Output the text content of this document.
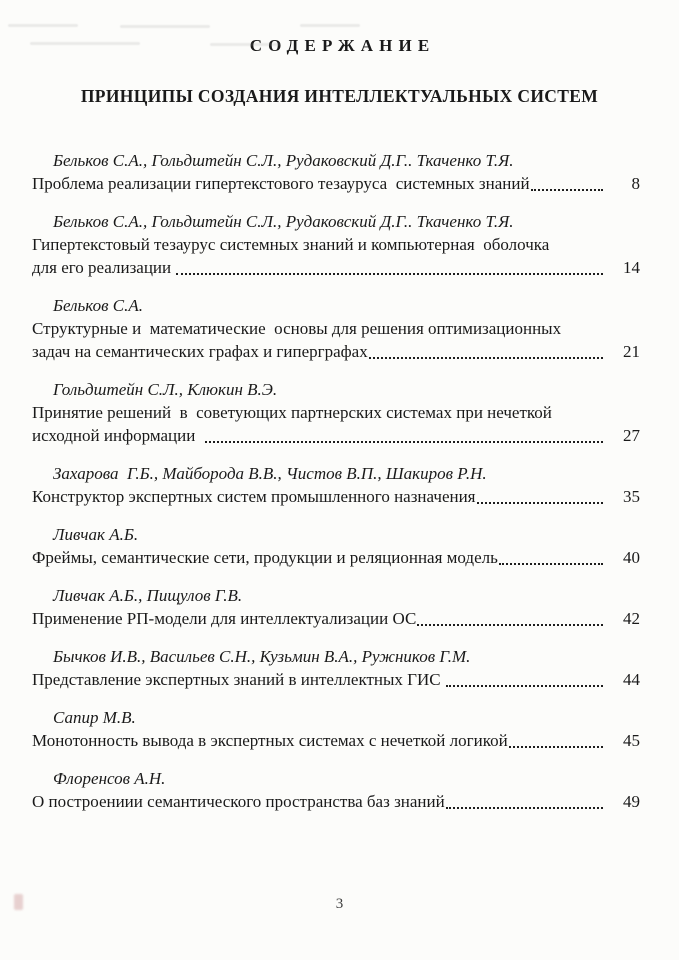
СОДЕРЖАНИЕ
ПРИНЦИПЫ СОЗДАНИЯ ИНТЕЛЛЕКТУАЛЬНЫХ СИСТЕМ
Бельков С.А., Гольдштейн С.Л., Рудаковский Д.Г.. Ткаченко Т.Я.
Проблема реализации гипертекстового тезауруса  системных знаний	8
Бельков С.А., Гольдштейн С.Л., Рудаковский Д.Г.. Ткаченко Т.Я.
Гипертекстовый тезаурус системных знаний и компьютерная  оболочка
для его реализации	14
Бельков С.А.
Структурные и  математические  основы для решения оптимизационных
задач на семантических графах и гиперграфах	21
Гольдштейн С.Л., Клюкин В.Э.
Принятие решений  в  советующих партнерских системах при нечеткой
исходной информации	27
Захарова  Г.Б., Майборода В.В., Чистов В.П., Шакиров Р.Н.
Конструктор экспертных систем промышленного назначения	35
Ливчак А.Б.
Фреймы, семантические сети, продукции и реляционная модель	40
Ливчак А.Б., Пищулов Г.В.
Применение РП-модели для интеллектуализации ОС	42
Бычков И.В., Васильев С.Н., Кузьмин В.А., Ружников Г.М.
Представление экспертных знаний в интеллектных ГИС	44
Сапир М.В.
Монотонность вывода в экспертных системах с нечеткой логикой	45
Флоренсов А.Н.
О построениии семантического пространства баз знаний	49
3
